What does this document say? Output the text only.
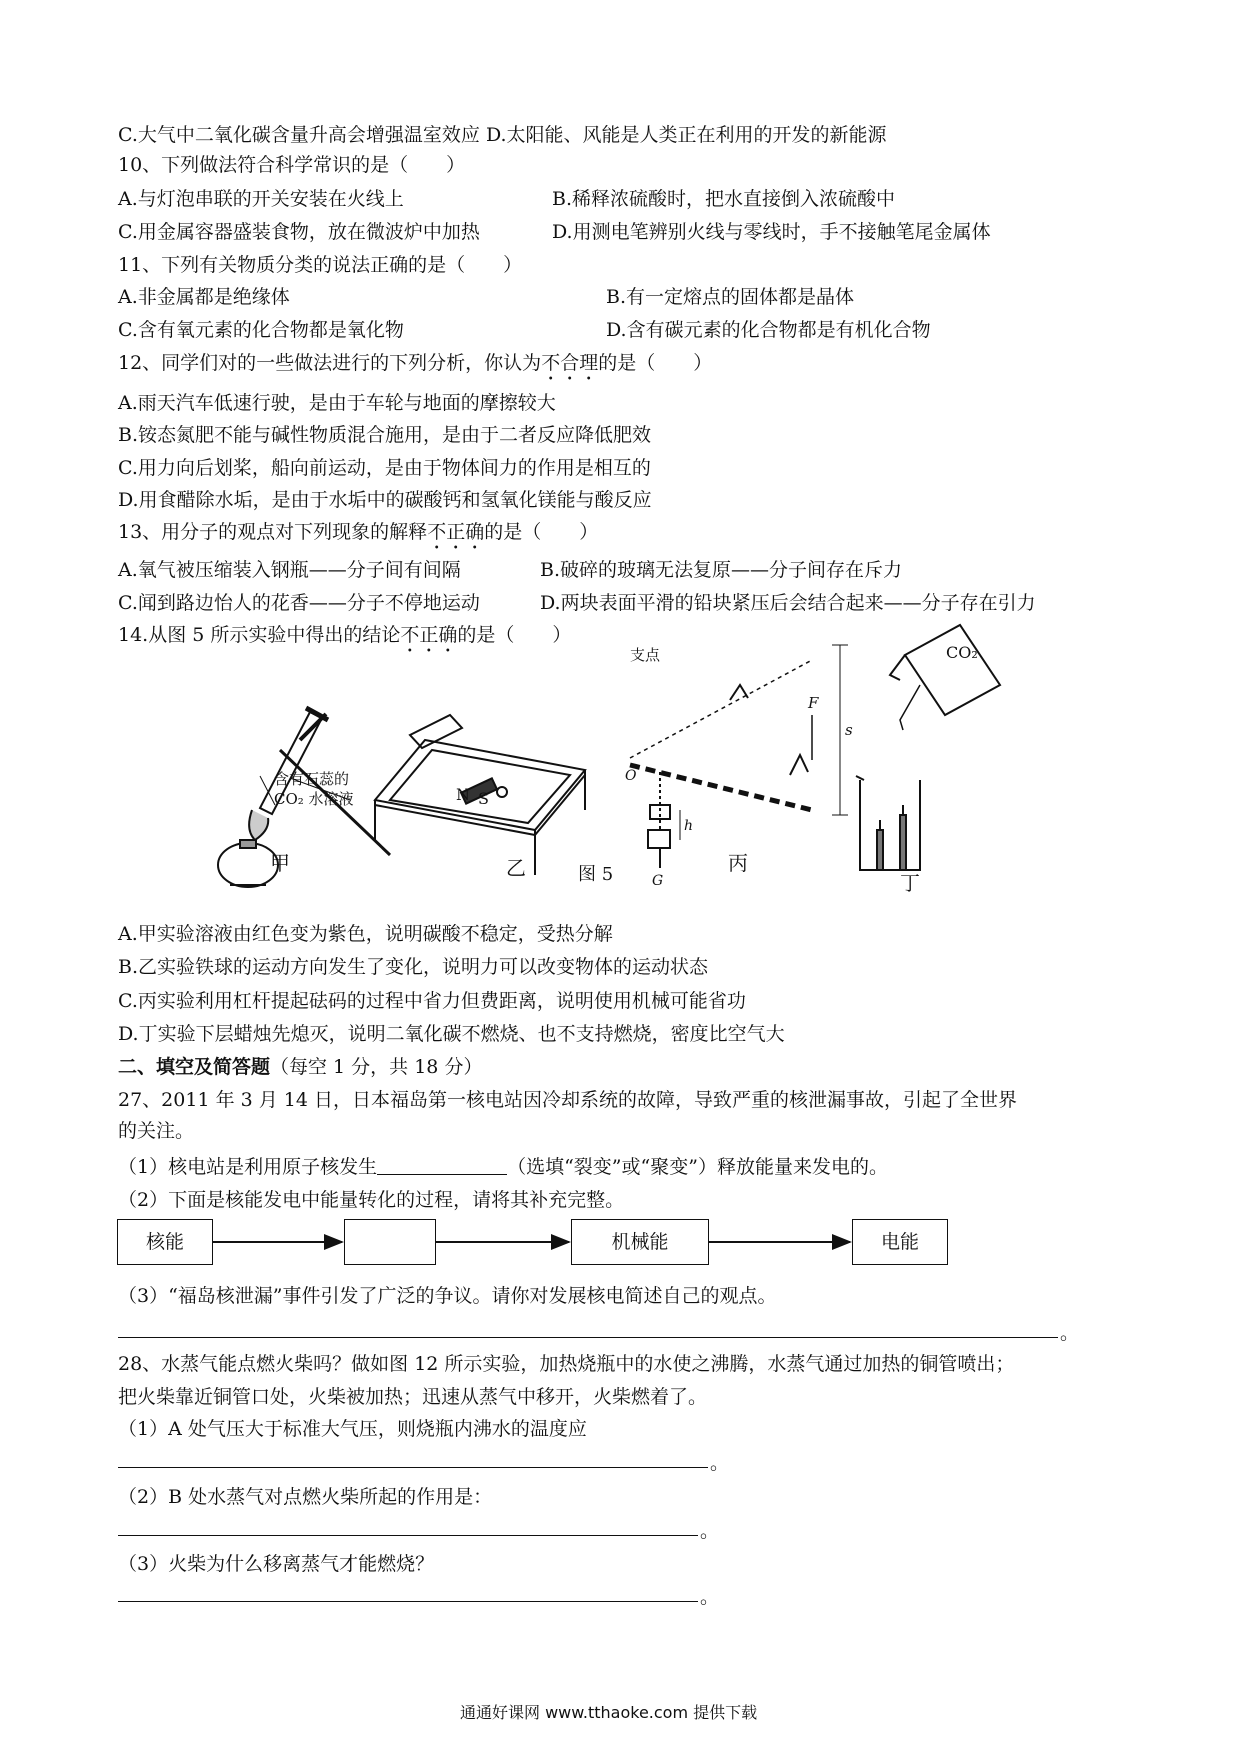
C.大气中二氧化碳含量升高会增强温室效应 D.太阳能、风能是人类正在利用的开发的新能源
10、下列做法符合科学常识的是（　　）
A.与灯泡串联的开关安装在火线上	B.稀释浓硫酸时，把水直接倒入浓硫酸中
C.用金属容器盛装食物，放在微波炉中加热	D.用测电笔辨别火线与零线时，手不接触笔尾金属体
11、下列有关物质分类的说法正确的是（　　）
A.非金属都是绝缘体	B.有一定熔点的固体都是晶体
C.含有氧元素的化合物都是氧化物	D.含有碳元素的化合物都是有机化合物
12、同学们对的一些做法进行的下列分析，你认为不合理的是（　　）
A.雨天汽车低速行驶，是由于车轮与地面的摩擦较大
B.铵态氮肥不能与碱性物质混合施用，是由于二者反应降低肥效
C.用力向后划桨，船向前运动，是由于物体间力的作用是相互的
D.用食醋除水垢，是由于水垢中的碳酸钙和氢氧化镁能与酸反应
13、用分子的观点对下列现象的解释不正确的是（　　）
A.氧气被压缩装入钢瓶——分子间有间隔	B.破碎的玻璃无法复原——分子间存在斥力
C.闻到路边怡人的花香——分子不停地运动	D.两块表面平滑的铅块紧压后会结合起来——分子存在引力
14.从图 5 所示实验中得出的结论不正确的是（　　）
含有石蕊的
CO₂ 水溶液	N S
支点
O
F
s
h
G
CO₂
甲	乙	丙
丁
图 5
A.甲实验溶液由红色变为紫色，说明碳酸不稳定，受热分解
B.乙实验铁球的运动方向发生了变化，说明力可以改变物体的运动状态
C.丙实验利用杠杆提起砝码的过程中省力但费距离，说明使用机械可能省功
D.丁实验下层蜡烛先熄灭，说明二氧化碳不燃烧、也不支持燃烧，密度比空气大
二、填空及简答题（每空 1 分，共 18 分）
27、2011 年 3 月 14 日，日本福岛第一核电站因冷却系统的故障，导致严重的核泄漏事故，引起了全世界
的关注。
（1）核电站是利用原子核发生	（选填“裂变”或“聚变”）释放能量来发电的。
（2）下面是核能发电中能量转化的过程，请将其补充完整。
核能	机械能	电能
（3）“福岛核泄漏”事件引发了广泛的争议。请你对发展核电简述自己的观点。
。
28、水蒸气能点燃火柴吗？做如图 12 所示实验，加热烧瓶中的水使之沸腾，水蒸气通过加热的铜管喷出；
把火柴靠近铜管口处，火柴被加热；迅速从蒸气中移开，火柴燃着了。
（1）A 处气压大于标准大气压，则烧瓶内沸水的温度应
。
（2）B 处水蒸气对点燃火柴所起的作用是：
。
（3）火柴为什么移离蒸气才能燃烧？
。
通通好课网 www.tthaoke.com 提供下载
